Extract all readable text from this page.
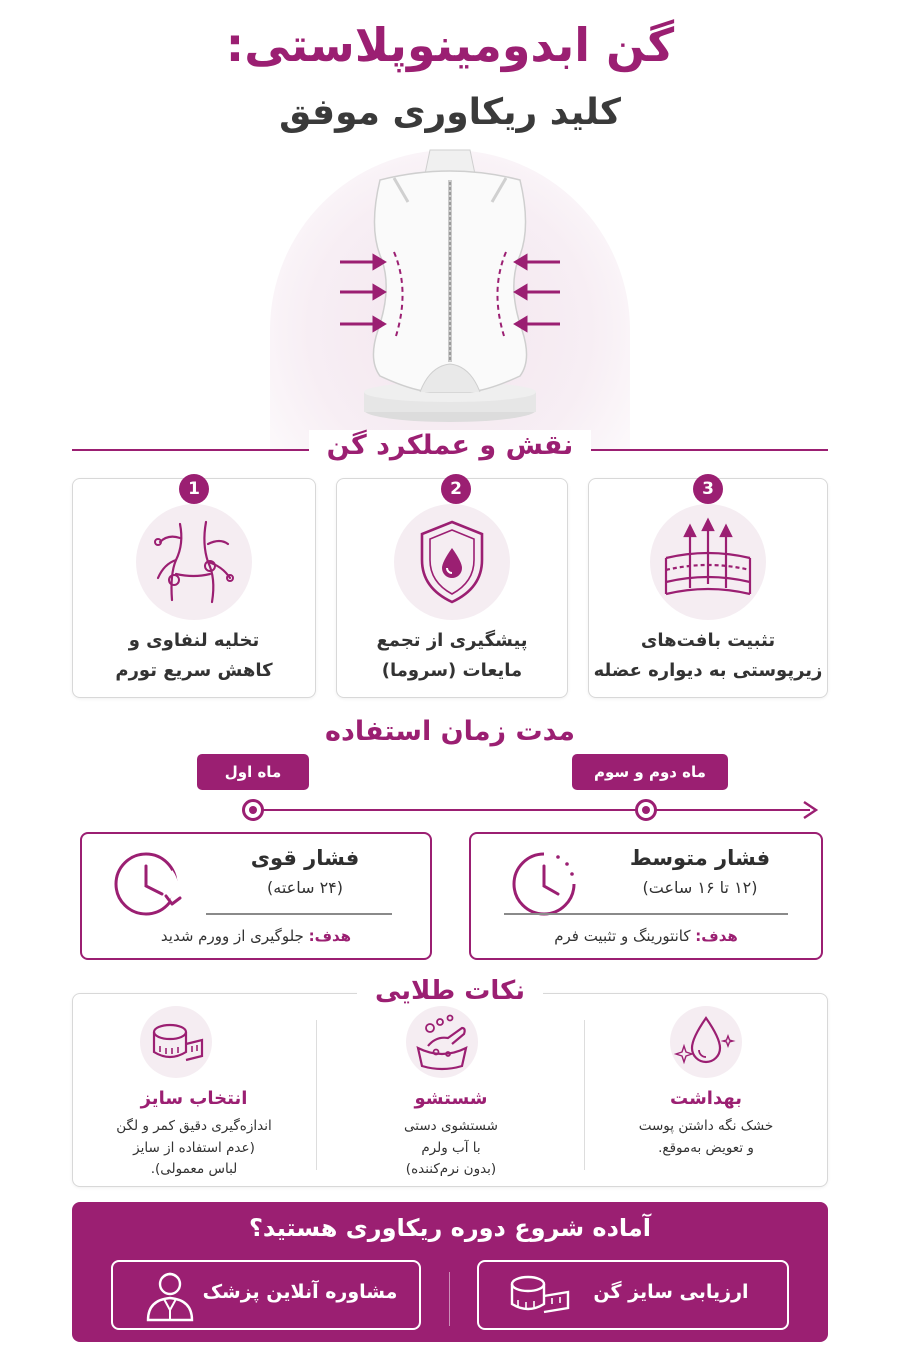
گن ابدومینوپلاستی:
کلید ریکاوری موفق
نقش و عملکرد گن
1
تخلیه لنفاوی و
کاهش سریع تورم
2
پیشگیری از تجمع
مایعات (سروما)
3
تثبیت بافت‌های
زیرپوستی به دیواره عضله
مدت زمان استفاده
ماه اول	ماه دوم و سوم
فشار قوی
(۲۴ ساعته)
هدف: جلوگیری از وورم شدید
فشار متوسط
(۱۲ تا ۱۶ ساعت)
هدف: کانتورینگ و تثبیت فرم
نکات طلایی
انتخاب سایز
اندازه‌گیری دقیق کمر و لگن
(عدم استفاده از سایز
لباس معمولی).
شستشو
شستشوی دستی
با آب ولرم
(بدون نرم‌کننده)
بهداشت
خشک نگه داشتن پوست
و تعویض به‌موقع.
آماده شروع دوره ریکاوری هستید؟
مشاوره آنلاین پزشک	ارزیابی سایز گن
